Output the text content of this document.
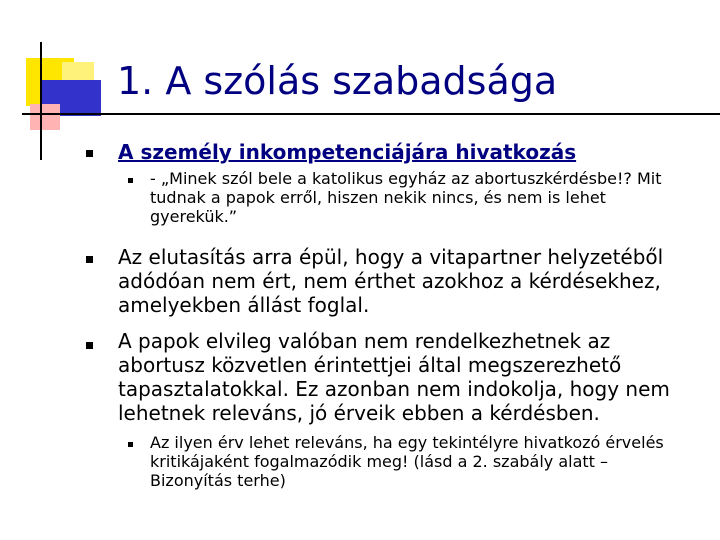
1. A szólás szabadsága
A személy inkompetenciájára hivatkozás
- „Minek szól bele a katolikus egyház az abortuszkérdésbe!? Mit tudnak a papok erről, hiszen nekik nincs, és nem is lehet gyerekük.”
Az elutasítás arra épül, hogy a vitapartner helyzetéből adódóan nem ért, nem érthet azokhoz a kérdésekhez, amelyekben állást foglal.
A papok elvileg valóban nem rendelkezhetnek az abortusz közvetlen érintettjei által megszerezhető tapasztalatokkal. Ez azonban nem indokolja, hogy nem lehetnek releváns, jó érveik ebben a kérdésben.
Az ilyen érv lehet releváns, ha egy tekintélyre hivatkozó érvelés kritikájaként fogalmazódik meg! (lásd a 2. szabály alatt – Bizonyítás terhe)
